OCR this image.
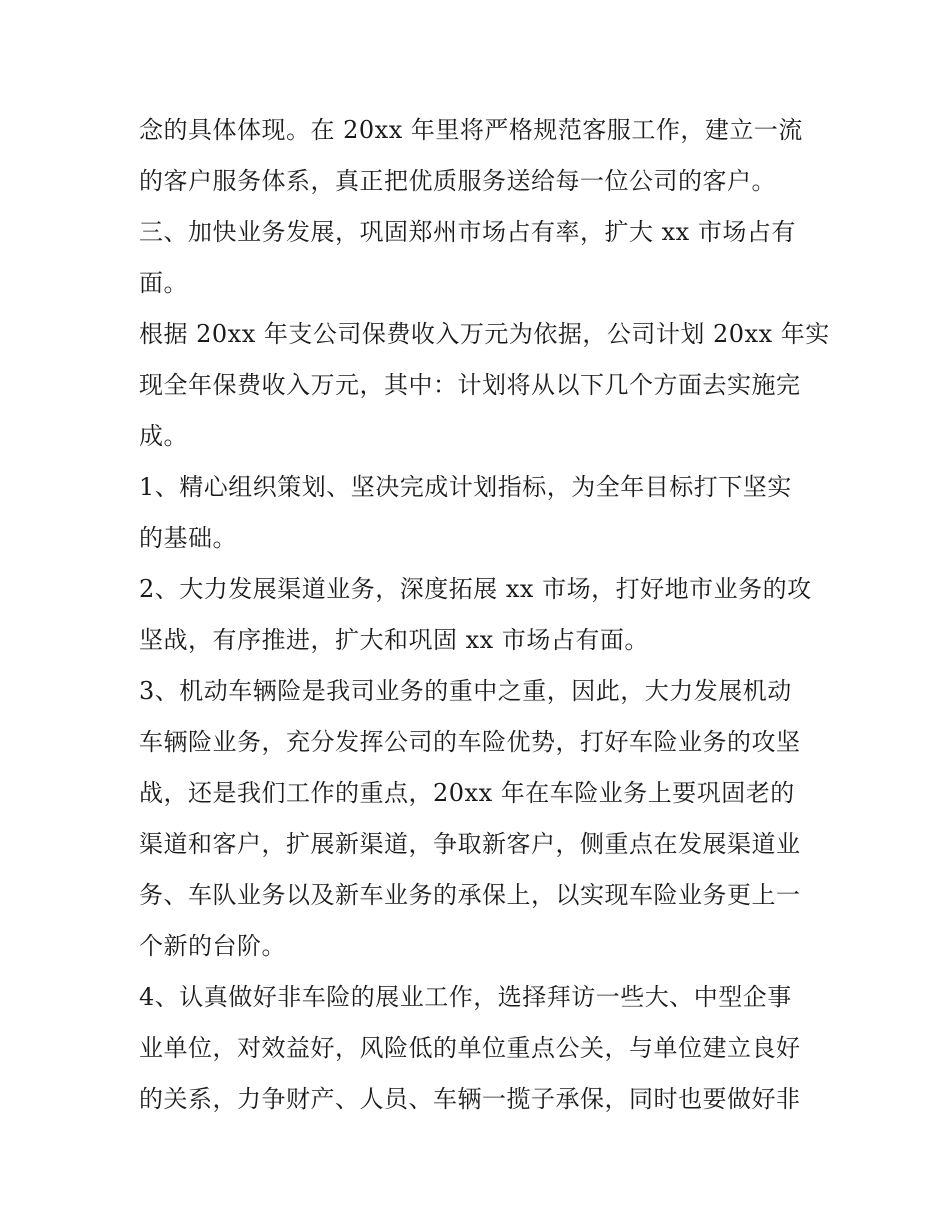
念的具体体现。在 20xx 年里将严格规范客服工作，建立一流
的客户服务体系，真正把优质服务送给每一位公司的客户。
三、加快业务发展，巩固郑州市场占有率，扩大 xx 市场占有
面。
根据 20xx 年支公司保费收入万元为依据，公司计划 20xx 年实
现全年保费收入万元，其中：计划将从以下几个方面去实施完
成。
1、精心组织策划、坚决完成计划指标，为全年目标打下坚实
的基础。
2、大力发展渠道业务，深度拓展 xx 市场，打好地市业务的攻
坚战，有序推进，扩大和巩固 xx 市场占有面。
3、机动车辆险是我司业务的重中之重，因此，大力发展机动
车辆险业务，充分发挥公司的车险优势，打好车险业务的攻坚
战，还是我们工作的重点，20xx 年在车险业务上要巩固老的
渠道和客户，扩展新渠道，争取新客户，侧重点在发展渠道业
务、车队业务以及新车业务的承保上，以实现车险业务更上一
个新的台阶。
4、认真做好非车险的展业工作，选择拜访一些大、中型企事
业单位，对效益好，风险低的单位重点公关，与单位建立良好
的关系，力争财产、人员、车辆一揽子承保，同时也要做好非
